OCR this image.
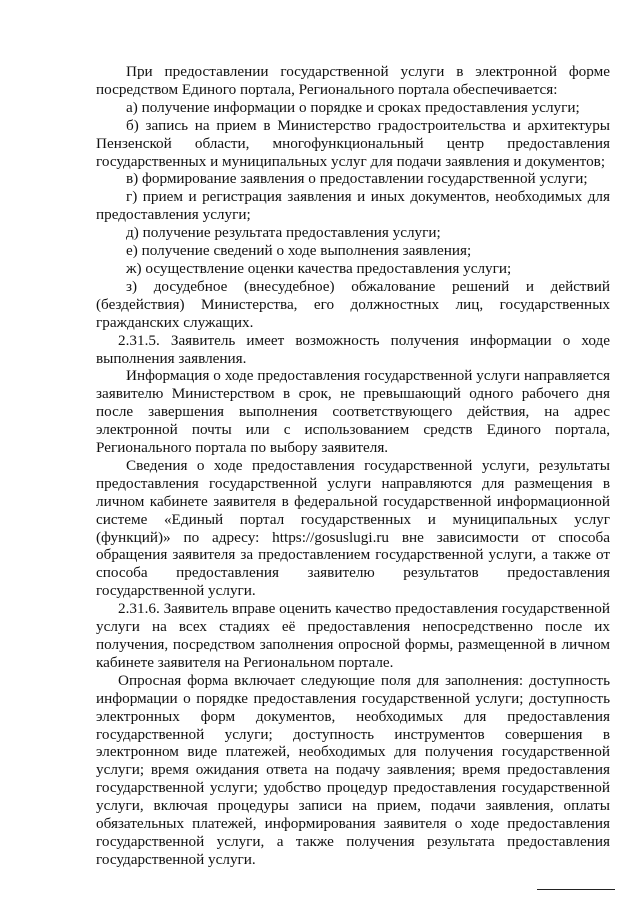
При предоставлении государственной услуги в электронной форме посредством Единого портала, Регионального портала обеспечивается:

а) получение информации о порядке и сроках предоставления услуги;

б) запись на прием в Министерство градостроительства и архитектуры Пензенской области, многофункциональный центр предоставления государственных и муниципальных услуг для подачи заявления и документов;

в) формирование заявления о предоставлении государственной услуги;

г) прием и регистрация заявления и иных документов, необходимых для предоставления услуги;

д) получение результата предоставления услуги;

е) получение сведений о ходе выполнения заявления;

ж) осуществление оценки качества предоставления услуги;

з) досудебное (внесудебное) обжалование решений и действий (бездействия) Министерства, его должностных лиц, государственных гражданских служащих.

2.31.5. Заявитель имеет возможность получения информации о ходе выполнения заявления.

Информация о ходе предоставления государственной услуги направляется заявителю Министерством в срок, не превышающий одного рабочего дня после завершения выполнения соответствующего действия, на адрес электронной почты или с использованием средств Единого портала, Регионального портала по выбору заявителя.

Сведения о ходе предоставления государственной услуги, результаты предоставления государственной услуги направляются для размещения в личном кабинете заявителя в федеральной государственной информационной системе «Единый портал государственных и муниципальных услуг (функций)» по адресу: https://gosuslugi.ru вне зависимости от способа обращения заявителя за предоставлением государственной услуги, а также от способа предоставления заявителю результатов предоставления государственной услуги.

2.31.6. Заявитель вправе оценить качество предоставления государственной услуги на всех стадиях её предоставления непосредственно после их получения, посредством заполнения опросной формы, размещенной в личном кабинете заявителя на Региональном портале.

Опросная форма включает следующие поля для заполнения: доступность информации о порядке предоставления государственной услуги; доступность электронных форм документов, необходимых для предоставления государственной услуги; доступность инструментов совершения в электронном виде платежей, необходимых для получения государственной услуги; время ожидания ответа на подачу заявления; время предоставления государственной услуги; удобство процедур предоставления государственной услуги, включая процедуры записи на прием, подачи заявления, оплаты обязательных платежей, информирования заявителя о ходе предоставления государственной услуги, а также получения результата предоставления государственной услуги.
